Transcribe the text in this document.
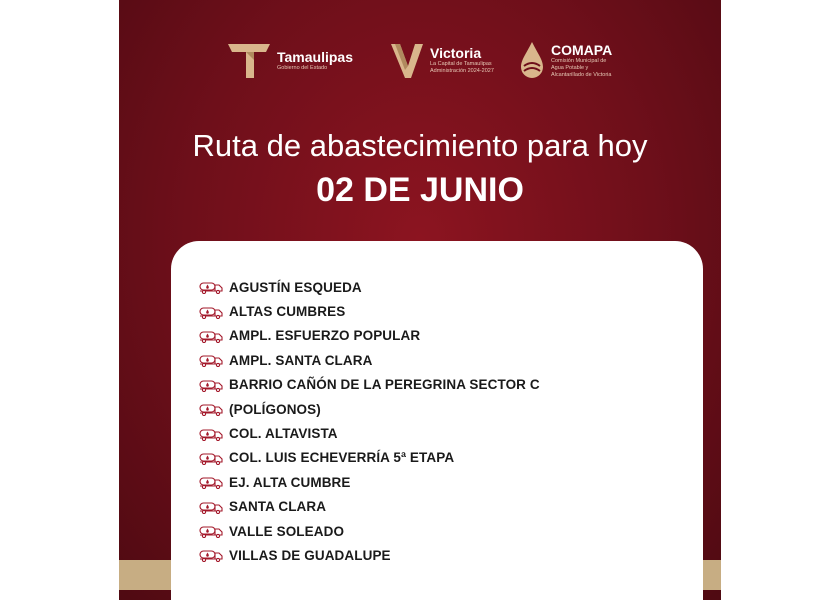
Tamaulipas
Gobierno del Estado
Victoria
La Capital de Tamaulipas Administración 2024-2027
COMAPA
Comisión Municipal de Agua Potable y Alcantarillado de Victoria
Ruta de abastecimiento para hoy
02 DE JUNIO
AGUSTÍN ESQUEDA
ALTAS CUMBRES
AMPL. ESFUERZO POPULAR
AMPL. SANTA CLARA
BARRIO CAÑÓN DE LA PEREGRINA SECTOR C
(POLÍGONOS)
COL. ALTAVISTA
COL. LUIS ECHEVERRÍA 5ª ETAPA
EJ. ALTA CUMBRE
SANTA CLARA
VALLE SOLEADO
VILLAS DE GUADALUPE
